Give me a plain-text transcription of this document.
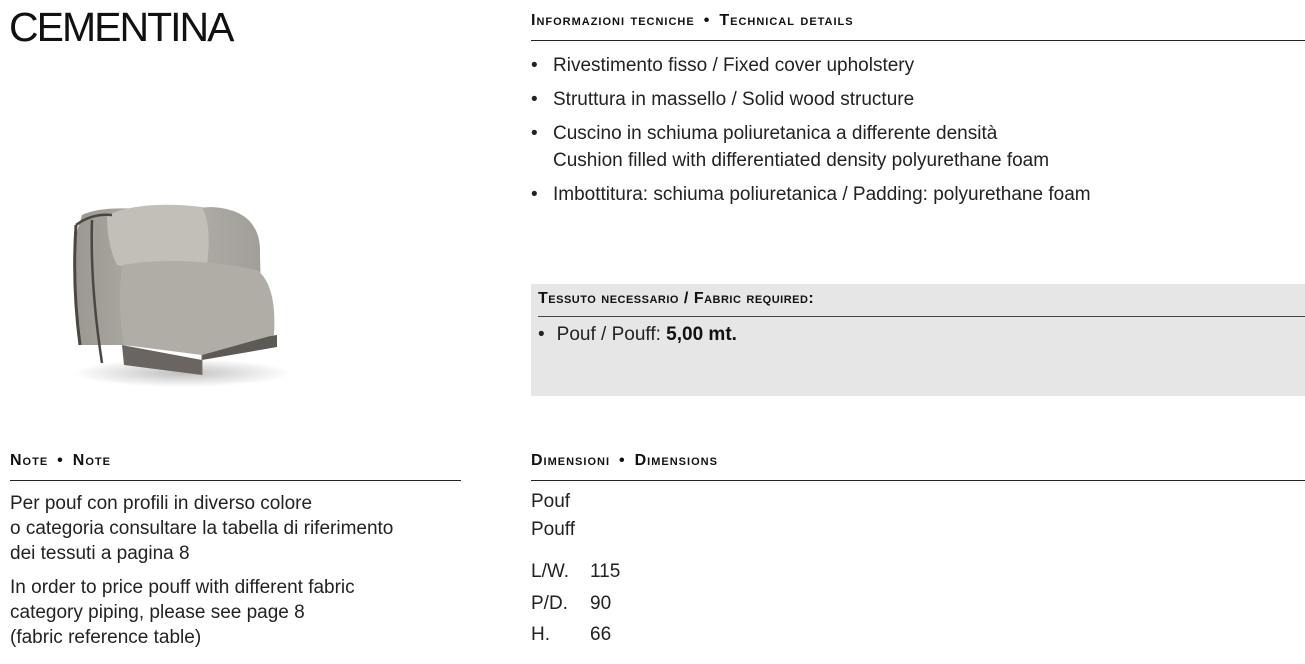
CEMENTINA	Informazioni tecniche • Technical details
• Rivestimento fisso / Fixed cover upholstery
• Struttura in massello / Solid wood structure
• Cuscino in schiuma poliuretanica a differente densità
Cushion filled with differentiated density polyurethane foam
• Imbottitura: schiuma poliuretanica / Padding: polyurethane foam
Tessuto necessario / Fabric required:
• Pouf / Pouff: 5,00 mt.
Note • Note
Per pouf con profili in diverso colore
o categoria consultare la tabella di riferimento
dei tessuti a pagina 8
In order to price pouff with different fabric
category piping, please see page 8
(fabric reference table)
Dimensioni • Dimensions
Pouf
Pouff
L/W. 115
P/D. 90
H. 66
